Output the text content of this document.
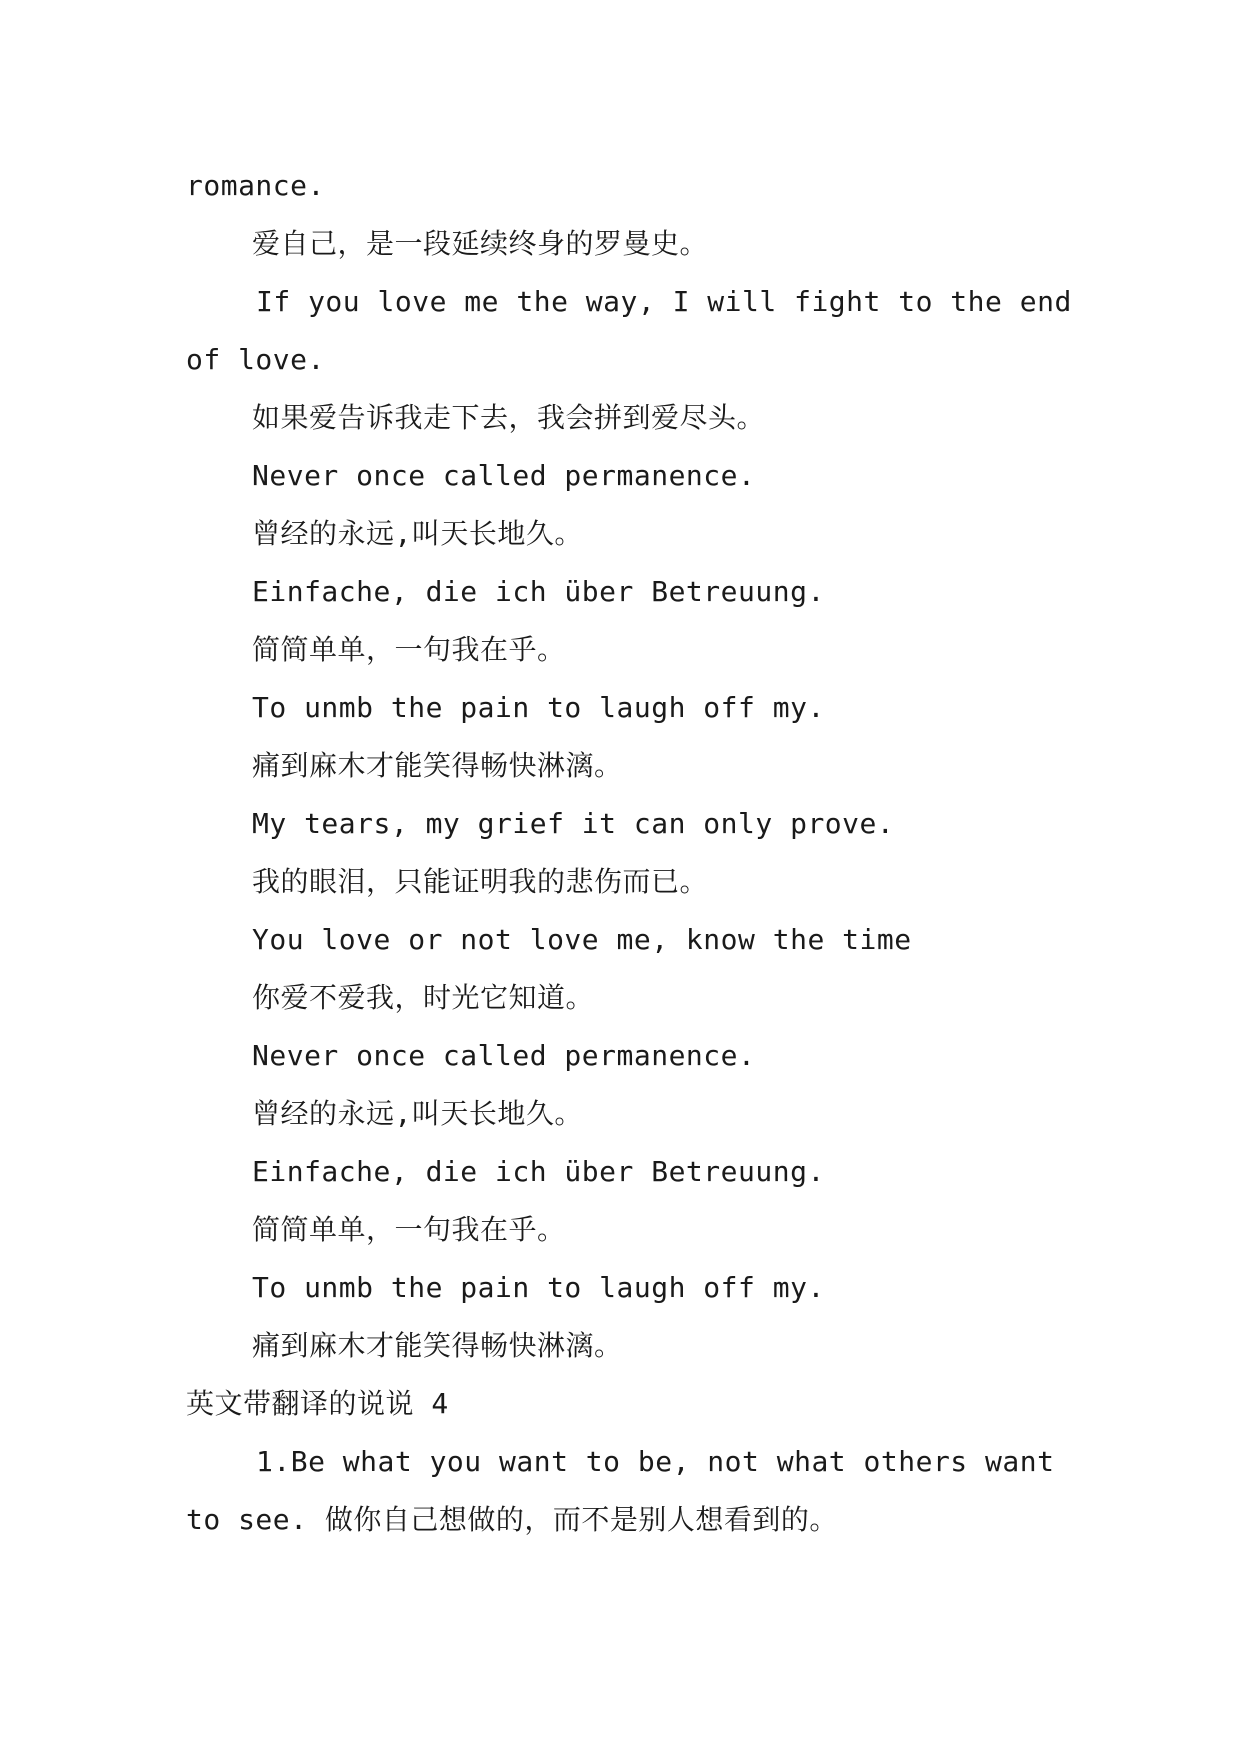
romance.
爱自己，是一段延续终身的罗曼史。
If you love me the way, I will fight to the end
of love.
如果爱告诉我走下去，我会拼到爱尽头。
Never once called permanence.
曾经的永远,叫天长地久。
Einfache, die ich über Betreuung.
简简单单，一句我在乎。
To unmb the pain to laugh off my.
痛到麻木才能笑得畅快淋漓。
My tears, my grief it can only prove.
我的眼泪，只能证明我的悲伤而已。
You love or not love me, know the time
你爱不爱我，时光它知道。
Never once called permanence.
曾经的永远,叫天长地久。
Einfache, die ich über Betreuung.
简简单单，一句我在乎。
To unmb the pain to laugh off my.
痛到麻木才能笑得畅快淋漓。
英文带翻译的说说 4
1.Be what you want to be, not what others want
to see. 做你自己想做的，而不是别人想看到的。
